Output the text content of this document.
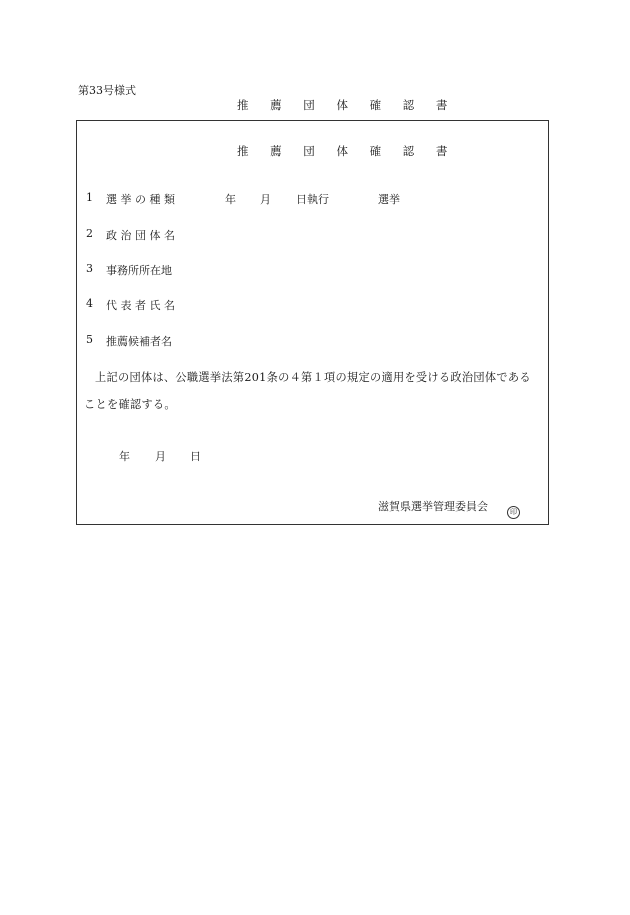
第33号様式
推 薦 団 体 確 認 書
推 薦 団 体 確 認 書
1 選 挙 の 種 類	年 月 日執行	選挙
2 政 治 団 体 名
3 事務所所在地
4 代 表 者 氏 名
5 推薦候補者名
上記の団体は、公職選挙法第201条の４第１項の規定の適用を受ける政治団体である
ことを確認する。
年 月 日
滋賀県選挙管理委員会	印
